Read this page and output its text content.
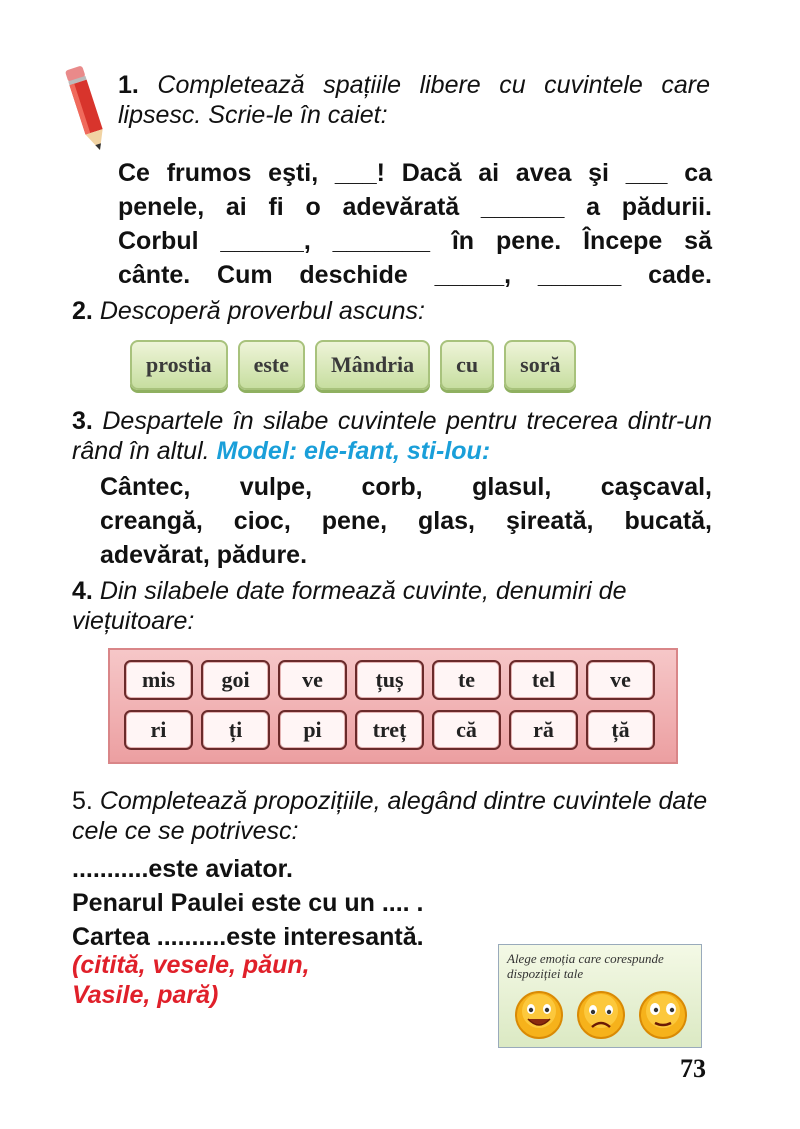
1. Completează spațiile libere cu cuvintele care lipsesc. Scrie-le în caiet:
Ce frumos eşti, ___! Dacă ai avea şi ___ ca
penele, ai fi o adevărată ______ a pădurii.
Corbul ______, _______ în pene. Începe să
cânte. Cum deschide _____, ______ cade.
2. Descoperă proverbul ascuns:
prostia	este	Mândria	cu	soră
3. Despartele în silabe cuvintele pentru trecerea dintr-un rând în altul. Model: ele-fant, sti-lou:
Cântec, vulpe, corb, glasul, caşcaval,
creangă, cioc, pene, glas, şireată, bucată,
adevărat, pădure.
4. Din silabele date formează cuvinte, denumiri de viețuitoare:
mis	goi	ve	țuș	te	tel	ve
ri	ți	pi	treț	că	ră	ță
5. Completează propozițiile, alegând dintre cuvintele date cele ce se potrivesc:
...........este aviator.
Penarul Paulei este cu un .... .
Cartea ..........este interesantă.
(citită, vesele, păun,
Vasile, pară)
Alege emoția care corespunde dispoziției tale
73
